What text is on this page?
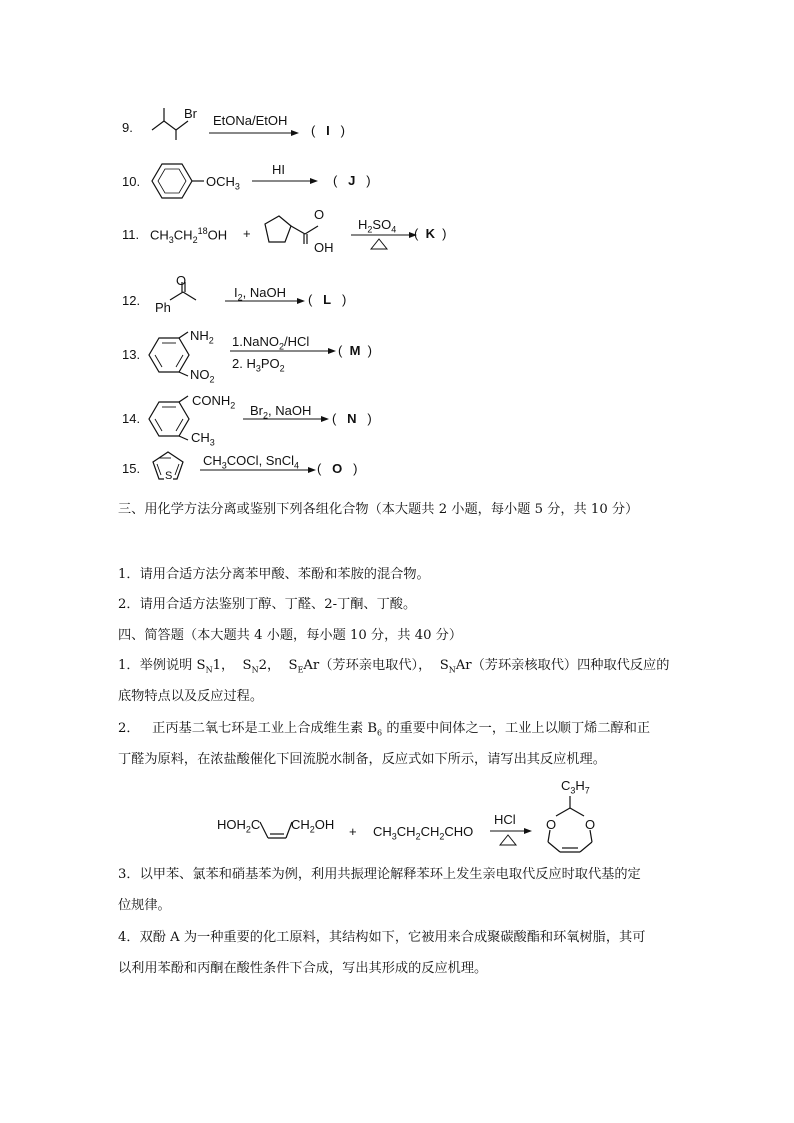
9.
Br EtONa/EtOH
(   I   )
10.	$OCH_3$
HI
(   J   )
11. $CH_3CH_2^{18}OH$ +
O
OH
$H_2SO_4$ (  K  )
12.
O
Ph
$I_2$, NaOH (   L   )
13.
$NH_2$
$NO_2$
1.NaNO$_2$/HCl
2. $H_3PO_2$
(  M  )
14.
$CONH_2$
$CH_3$
$Br_2$, NaOH
(   N   )
15. S
$CH_3COCl$, SnCl$_4$ (   O   )
三、用化学方法分离或鉴别下列各组化合物（本大题共 2 小题，每小题 5 分，共 10 分）
1．请用合适方法分离苯甲酸、苯酚和苯胺的混合物。
2．请用合适方法鉴别丁醇、丁醛、2-丁酮、丁酸。
四、简答题（本大题共 4 小题，每小题 10 分，共 40 分）
1．举例说明 $S_N1$，  $S_N2$，  $S_EAr$（芳环亲电取代），  $S_NAr$（芳环亲核取代）四种取代反应的
底物特点以及反应过程。
2．   正丙基二氧七环是工业上合成维生素 $B_6$ 的重要中间体之一，工业上以顺丁烯二醇和正
丁醛为原料，在浓盐酸催化下回流脱水制备，反应式如下所示，请写出其反应机理。
$HOH_2C$ $CH_2OH + CH_3CH_2CH_2CHO$
HCl
$C_3H_7$
O O
3．以甲苯、氯苯和硝基苯为例，利用共振理论解释苯环上发生亲电取代反应时取代基的定
位规律。
4．双酚 A 为一种重要的化工原料，其结构如下，它被用来合成聚碳酸酯和环氧树脂，其可
以利用苯酚和丙酮在酸性条件下合成，写出其形成的反应机理。
